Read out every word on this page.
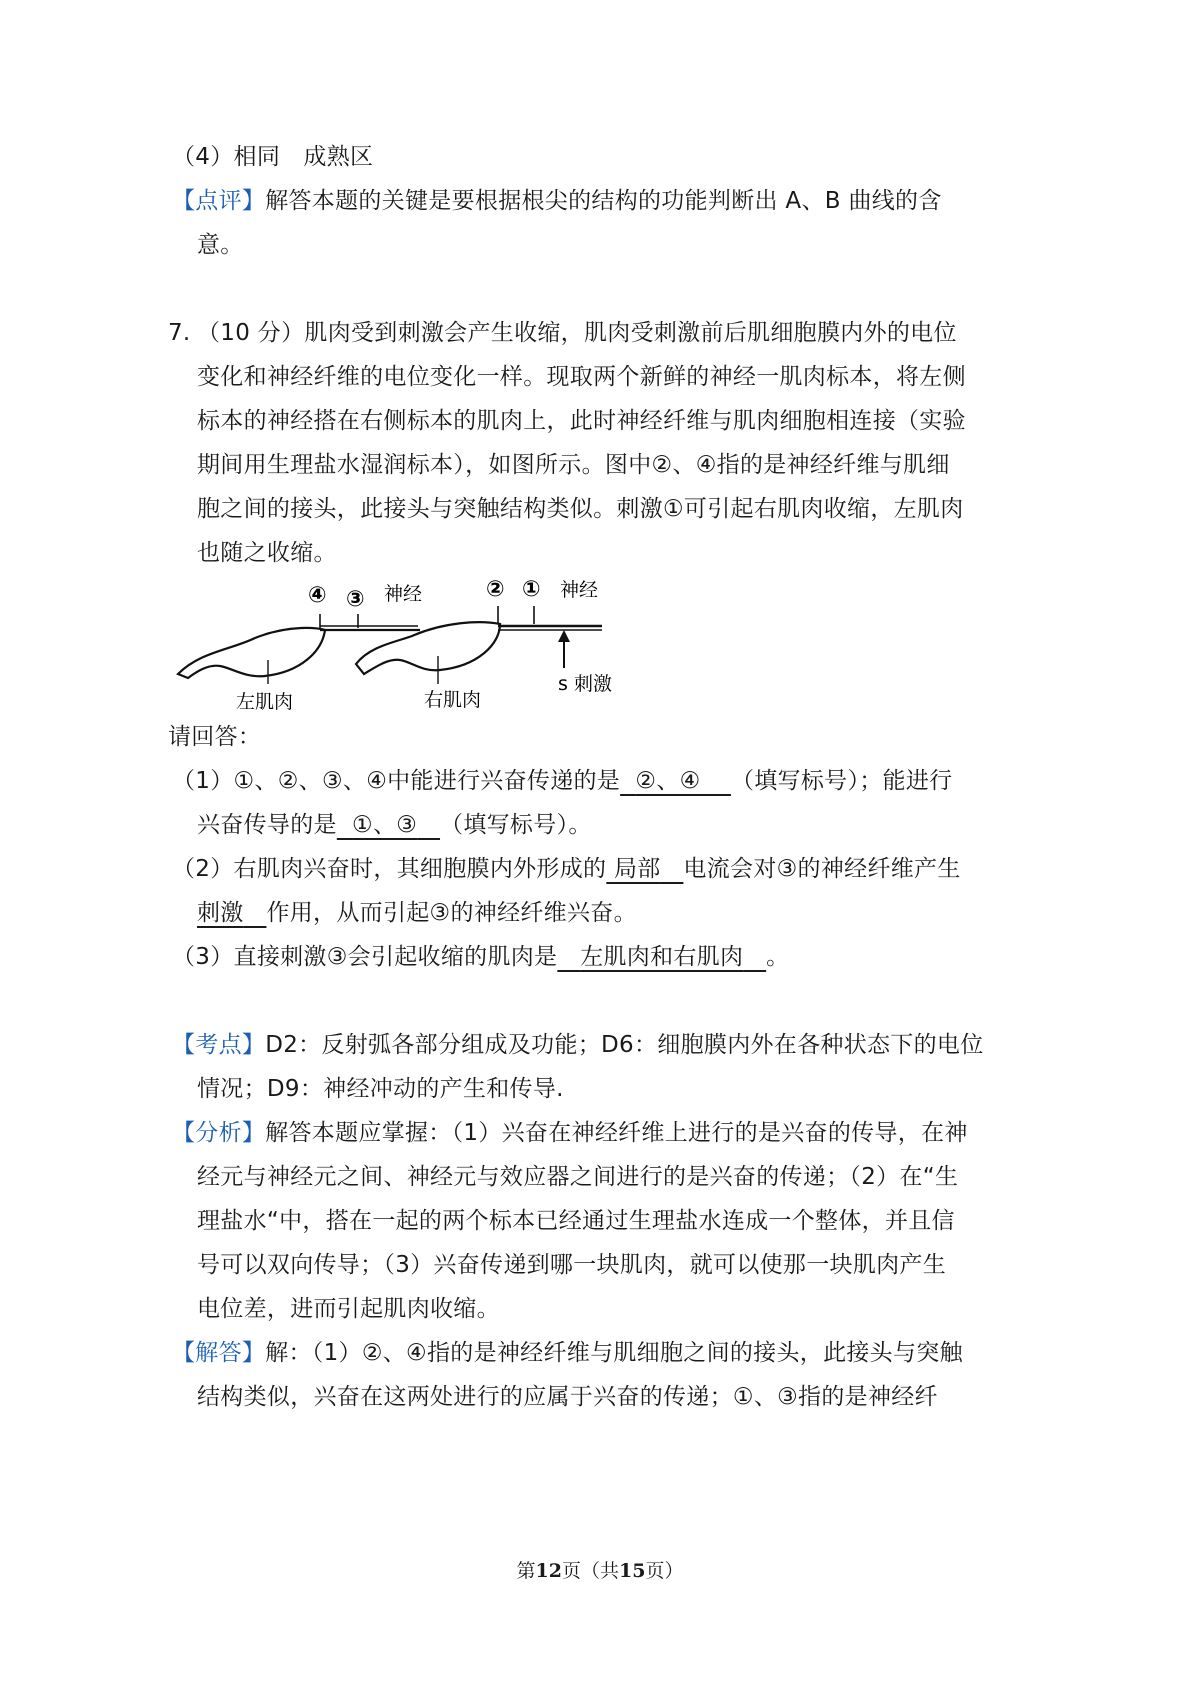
（4）相同　成熟区
【点评】解答本题的关键是要根据根尖的结构的功能判断出 A、B 曲线的含
意。
7. （10 分）肌肉受到刺激会产生收缩，肌肉受刺激前后肌细胞膜内外的电位
变化和神经纤维的电位变化一样。现取两个新鲜的神经一肌肉标本，将左侧
标本的神经搭在右侧标本的肌肉上，此时神经纤维与肌肉细胞相连接（实验
期间用生理盐水湿润标本），如图所示。图中②、④指的是神经纤维与肌细
胞之间的接头，此接头与突触结构类似。刺激①可引起右肌肉收缩，左肌肉
也随之收缩。
④ ③ 神经	② ① 神经
左肌肉	右肌肉
s 刺激
请回答：
（1）①、②、③、④中能进行兴奋传递的是 ②、④ （填写标号）；能进行
兴奋传导的是 ①、③ （填写标号）。
（2）右肌肉兴奋时，其细胞膜内外形成的 局部 电流会对③的神经纤维产生
刺激 作用，从而引起③的神经纤维兴奋。
（3）直接刺激③会引起收缩的肌肉是 左肌肉和右肌肉 。
【考点】D2：反射弧各部分组成及功能；D6：细胞膜内外在各种状态下的电位
情况；D9：神经冲动的产生和传导.
【分析】解答本题应掌握：（1）兴奋在神经纤维上进行的是兴奋的传导，在神
经元与神经元之间、神经元与效应器之间进行的是兴奋的传递；（2）在“生
理盐水“中，搭在一起的两个标本已经通过生理盐水连成一个整体，并且信
号可以双向传导；（3）兴奋传递到哪一块肌肉，就可以使那一块肌肉产生
电位差，进而引起肌肉收缩。
【解答】解：（1）②、④指的是神经纤维与肌细胞之间的接头，此接头与突触
结构类似，兴奋在这两处进行的应属于兴奋的传递；①、③指的是神经纤
第12页（共15页）
